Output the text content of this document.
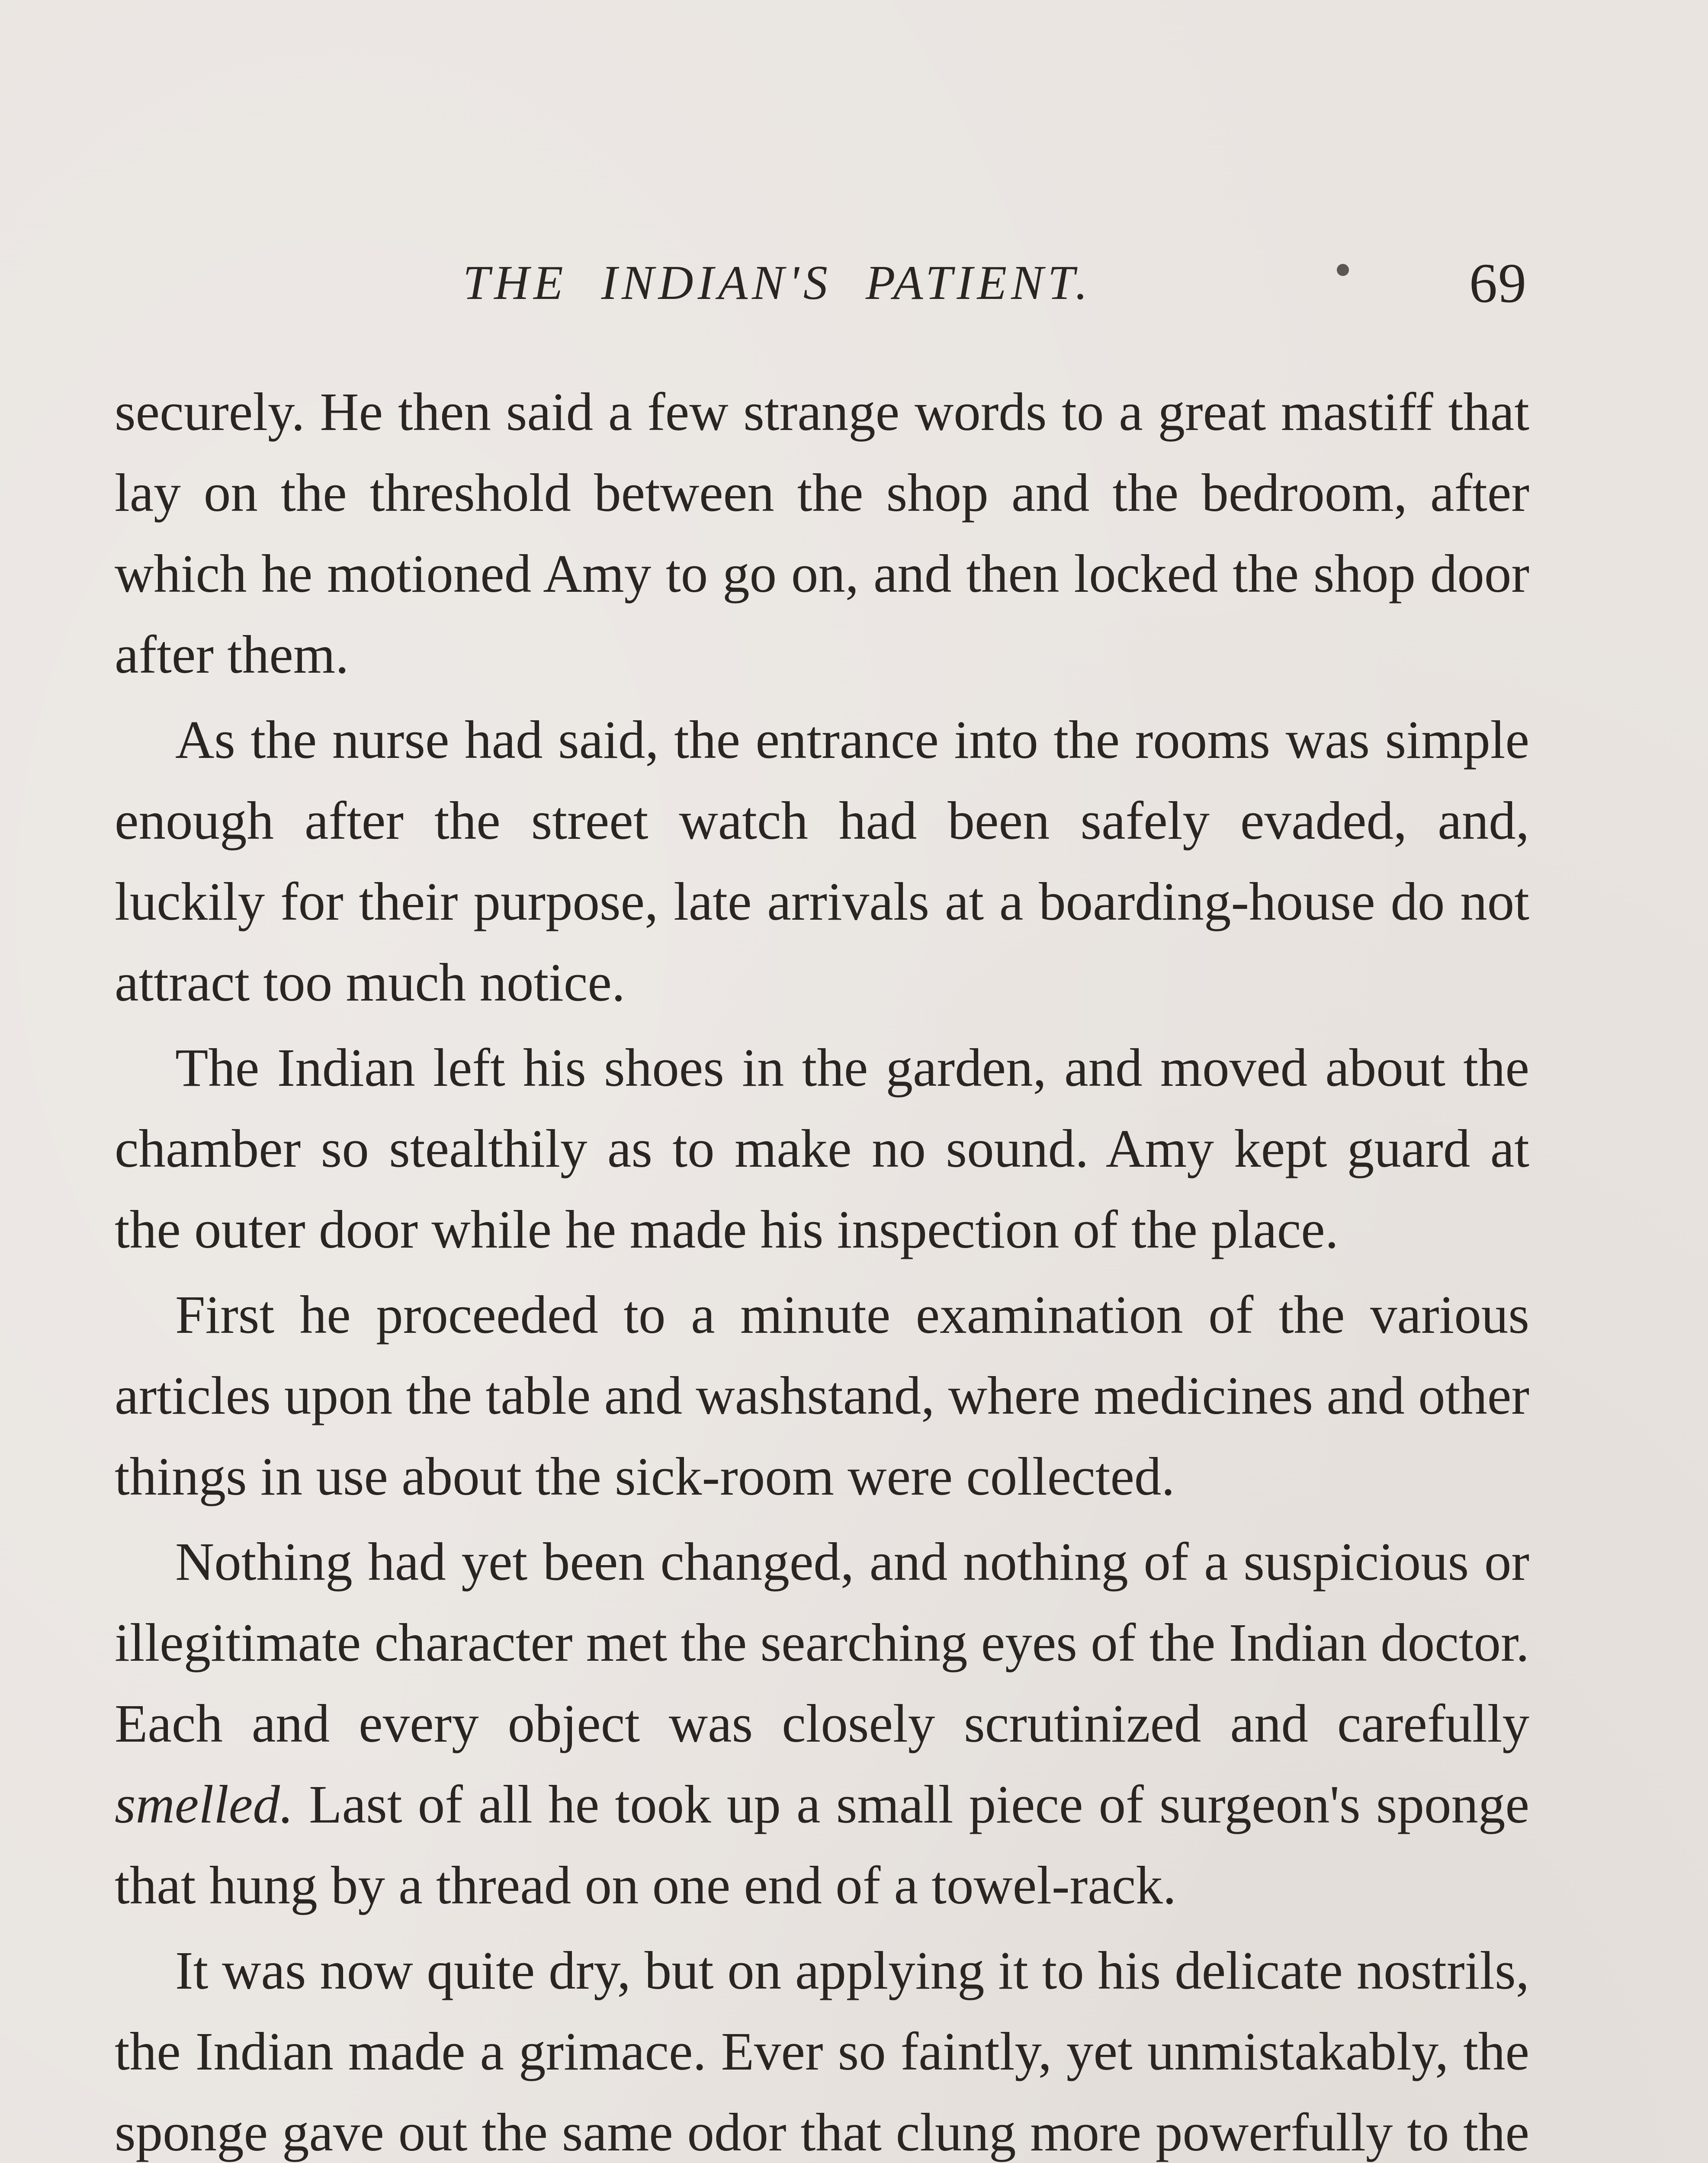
THE INDIAN'S PATIENT.	69

securely. He then said a few strange words to a great mastiff that lay on the threshold between the shop and the bedroom, after which he motioned Amy to go on, and then locked the shop door after them.

As the nurse had said, the entrance into the rooms was simple enough after the street watch had been safely evaded, and, luckily for their purpose, late arrivals at a boarding-house do not attract too much notice.

The Indian left his shoes in the garden, and moved about the chamber so stealthily as to make no sound. Amy kept guard at the outer door while he made his inspection of the place.

First he proceeded to a minute examination of the various articles upon the table and washstand, where medicines and other things in use about the sick-room were collected.

Nothing had yet been changed, and nothing of a suspicious or illegitimate character met the searching eyes of the Indian doctor. Each and every object was closely scrutinized and carefully smelled. Last of all he took up a small piece of surgeon's sponge that hung by a thread on one end of a towel-rack.

It was now quite dry, but on applying it to his delicate nostrils, the Indian made a grimace. Ever so faintly, yet unmistakably, the sponge gave out the same odor that clung more powerfully to the
